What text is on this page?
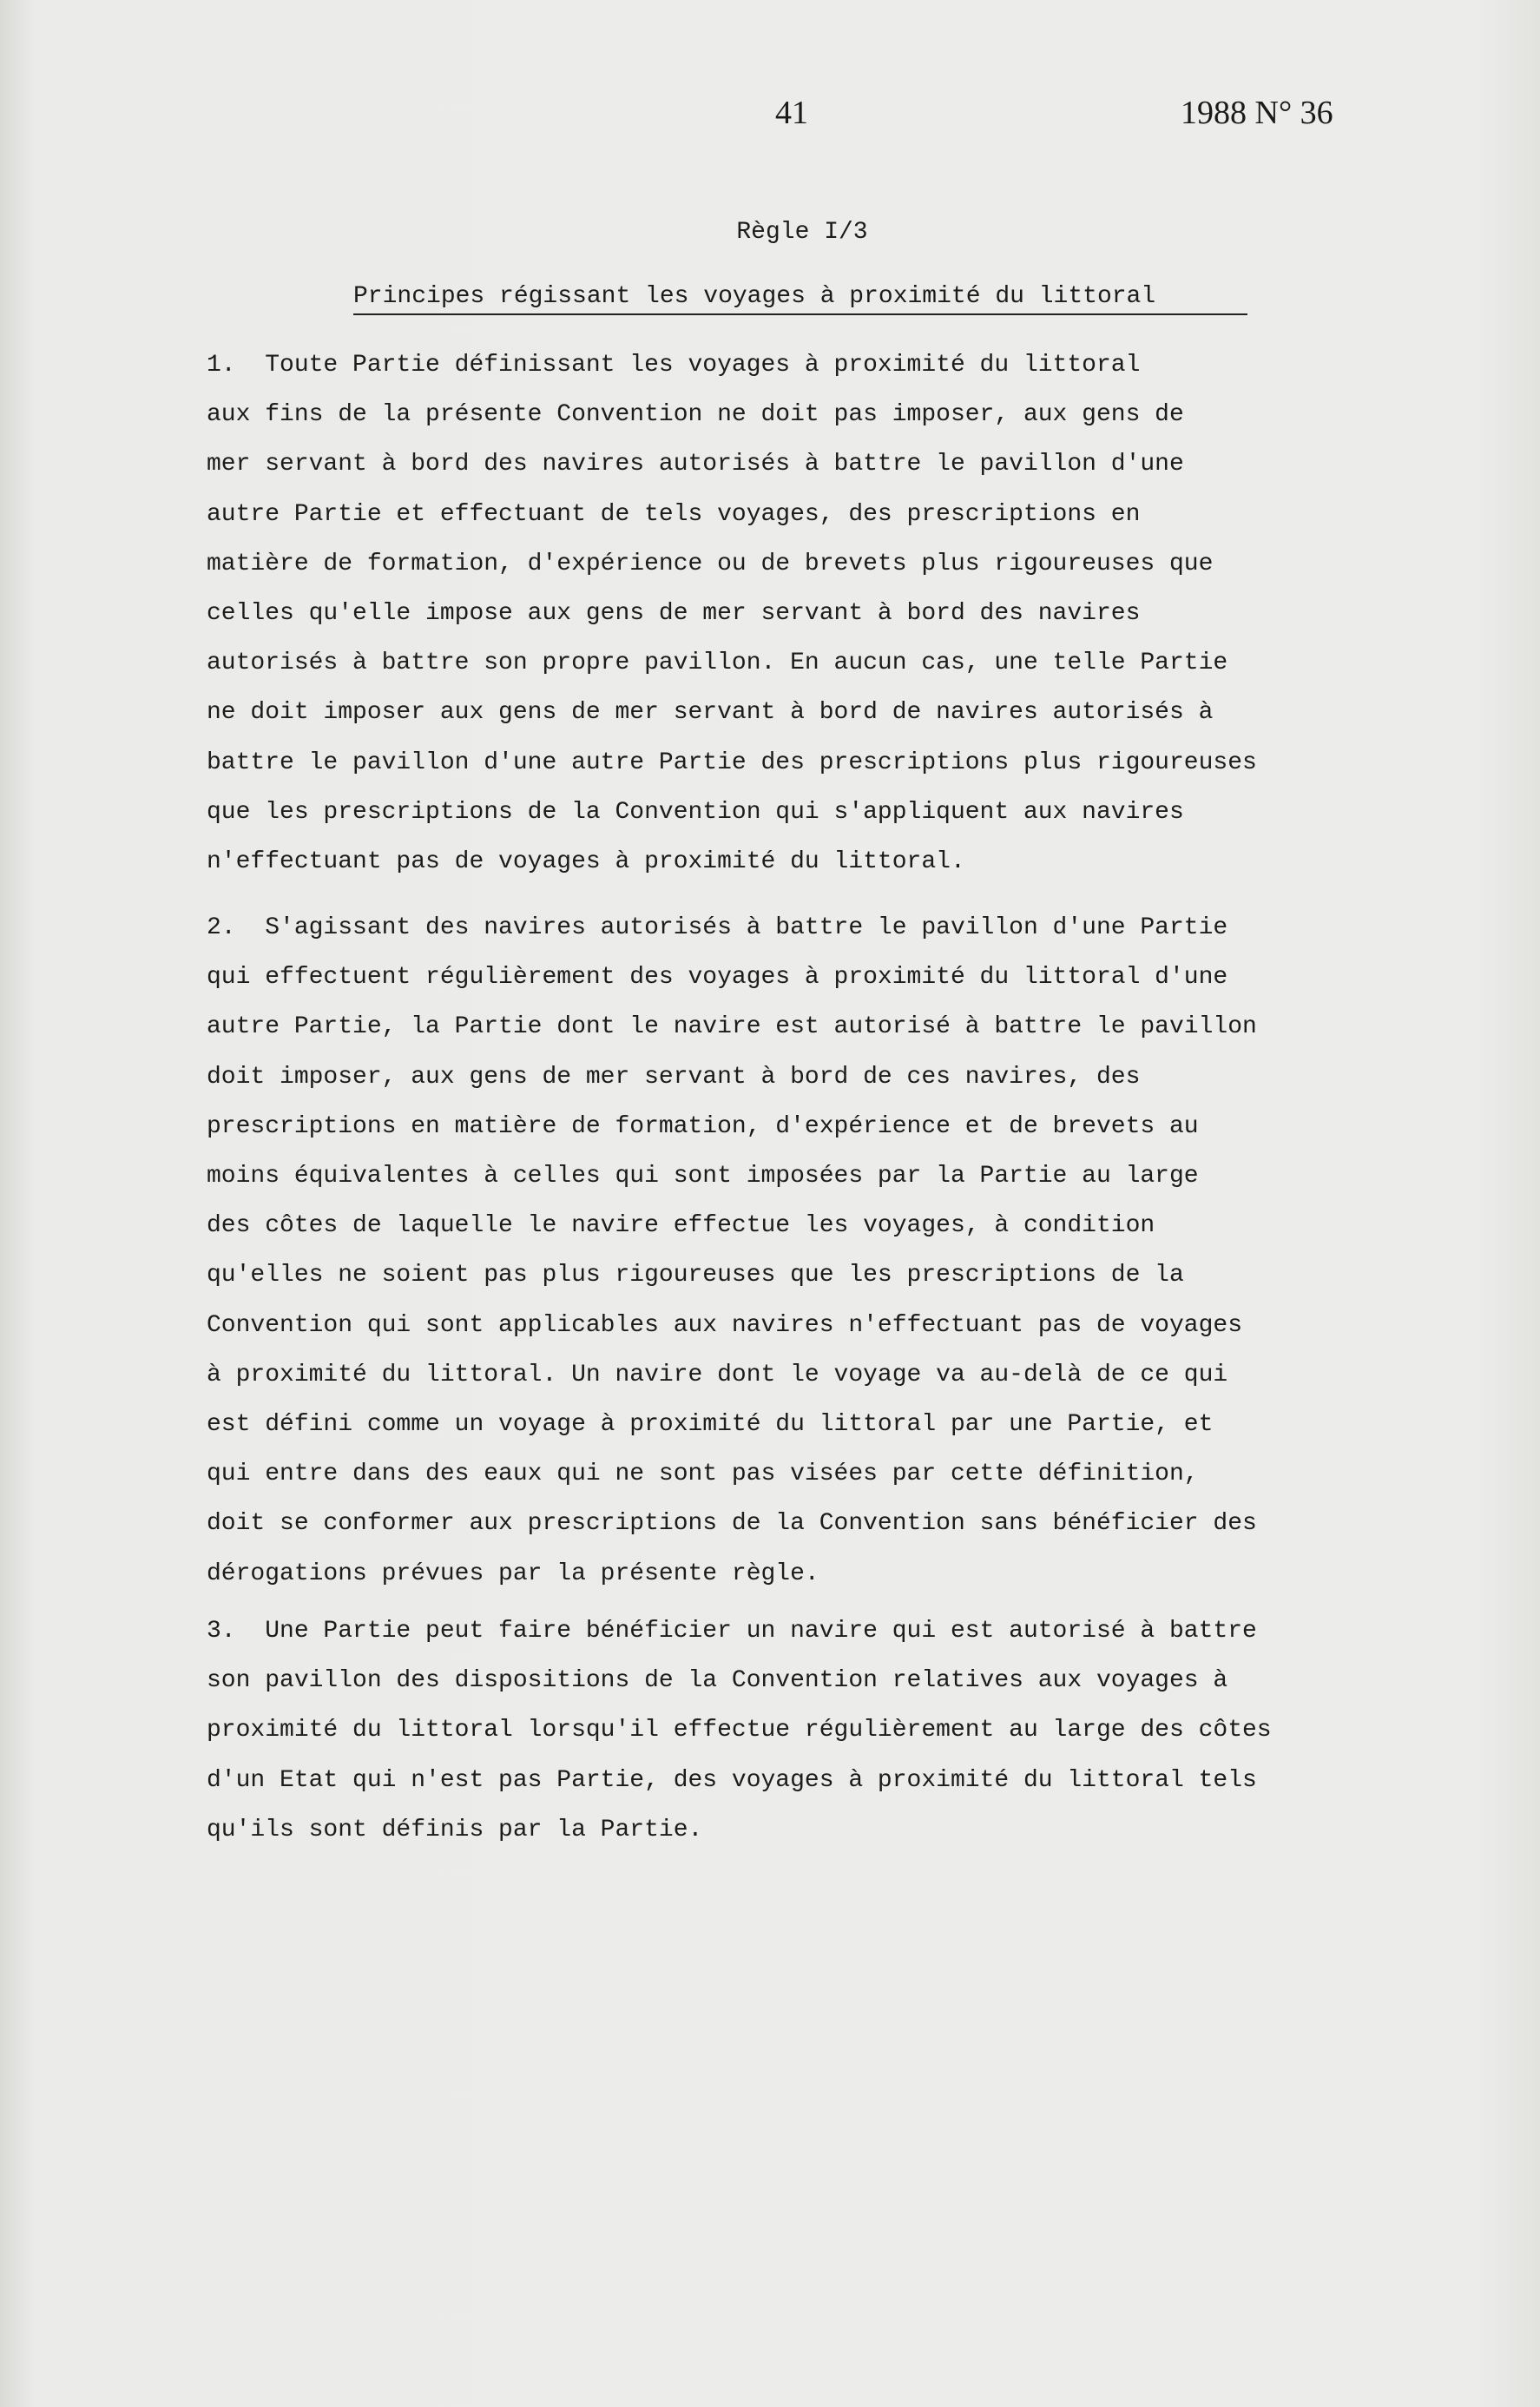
41	1988 N° 36
Règle I/3
Principes régissant les voyages à proximité du littoral

1.  Toute Partie définissant les voyages à proximité du littoral
aux fins de la présente Convention ne doit pas imposer, aux gens de
mer servant à bord des navires autorisés à battre le pavillon d'une
autre Partie et effectuant de tels voyages, des prescriptions en
matière de formation, d'expérience ou de brevets plus rigoureuses que
celles qu'elle impose aux gens de mer servant à bord des navires
autorisés à battre son propre pavillon. En aucun cas, une telle Partie
ne doit imposer aux gens de mer servant à bord de navires autorisés à
battre le pavillon d'une autre Partie des prescriptions plus rigoureuses
que les prescriptions de la Convention qui s'appliquent aux navires
n'effectuant pas de voyages à proximité du littoral.

2.  S'agissant des navires autorisés à battre le pavillon d'une Partie
qui effectuent régulièrement des voyages à proximité du littoral d'une
autre Partie, la Partie dont le navire est autorisé à battre le pavillon
doit imposer, aux gens de mer servant à bord de ces navires, des
prescriptions en matière de formation, d'expérience et de brevets au
moins équivalentes à celles qui sont imposées par la Partie au large
des côtes de laquelle le navire effectue les voyages, à condition
qu'elles ne soient pas plus rigoureuses que les prescriptions de la
Convention qui sont applicables aux navires n'effectuant pas de voyages
à proximité du littoral. Un navire dont le voyage va au-delà de ce qui
est défini comme un voyage à proximité du littoral par une Partie, et
qui entre dans des eaux qui ne sont pas visées par cette définition,
doit se conformer aux prescriptions de la Convention sans bénéficier des
dérogations prévues par la présente règle.

3.  Une Partie peut faire bénéficier un navire qui est autorisé à battre
son pavillon des dispositions de la Convention relatives aux voyages à
proximité du littoral lorsqu'il effectue régulièrement au large des côtes
d'un Etat qui n'est pas Partie, des voyages à proximité du littoral tels
qu'ils sont définis par la Partie.
